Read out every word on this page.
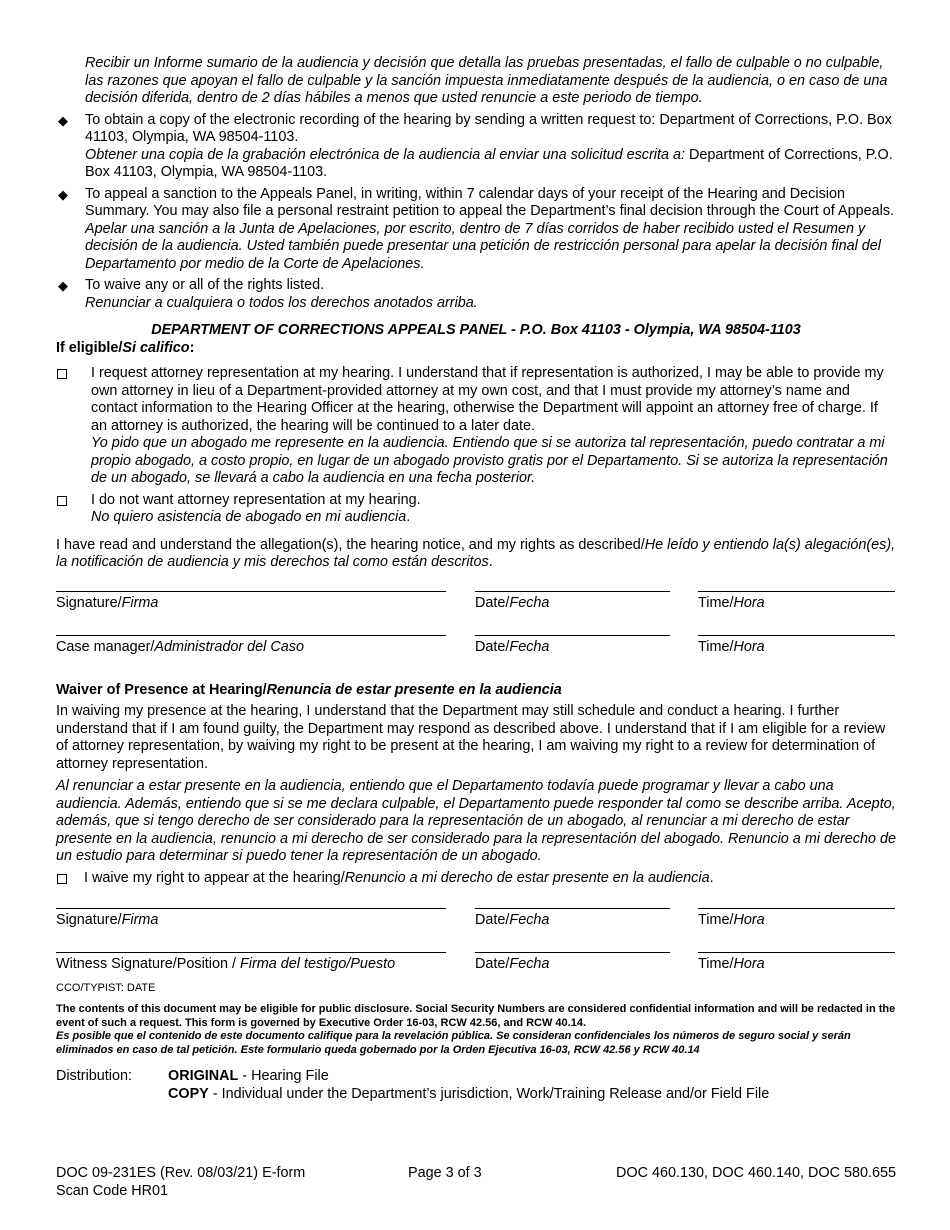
Recibir un Informe sumario de la audiencia y decisión que detalla las pruebas presentadas, el fallo de culpable o no culpable, las razones que apoyan el fallo de culpable y la sanción impuesta inmediatamente después de la audiencia, o en caso de una decisión diferida, dentro de 2 días hábiles a menos que usted renuncie a este periodo de tiempo.
◆ To obtain a copy of the electronic recording of the hearing by sending a written request to: Department of Corrections, P.O. Box 41103, Olympia, WA 98504-1103.
Obtener una copia de la grabación electrónica de la audiencia al enviar una solicitud escrita a: Department of Corrections, P.O. Box 41103, Olympia, WA 98504-1103.
◆ To appeal a sanction to the Appeals Panel, in writing, within 7 calendar days of your receipt of the Hearing and Decision Summary. You may also file a personal restraint petition to appeal the Department’s final decision through the Court of Appeals.
Apelar una sanción a la Junta de Apelaciones, por escrito, dentro de 7 días corridos de haber recibido usted el Resumen y decisión de la audiencia. Usted también puede presentar una petición de restricción personal para apelar la decisión final del Departamento por medio de la Corte de Apelaciones.
◆ To waive any or all of the rights listed.
Renunciar a cualquiera o todos los derechos anotados arriba.
DEPARTMENT OF CORRECTIONS APPEALS PANEL - P.O. Box 41103 - Olympia, WA 98504-1103
If eligible/Si califico:
I request attorney representation at my hearing. I understand that if representation is authorized, I may be able to provide my own attorney in lieu of a Department-provided attorney at my own cost, and that I must provide my attorney’s name and contact information to the Hearing Officer at the hearing, otherwise the Department will appoint an attorney free of charge. If an attorney is authorized, the hearing will be continued to a later date.
Yo pido que un abogado me represente en la audiencia. Entiendo que si se autoriza tal representación, puedo contratar a mi propio abogado, a costo propio, en lugar de un abogado provisto gratis por el Departamento. Si se autoriza la representación de un abogado, se llevará a cabo la audiencia en una fecha posterior.
I do not want attorney representation at my hearing.
No quiero asistencia de abogado en mi audiencia.
I have read and understand the allegation(s), the hearing notice, and my rights as described/He leído y entiendo la(s) alegación(es), la notificación de audiencia y mis derechos tal como están descritos.
Signature/Firma	Date/Fecha	Time/Hora
Case manager/Administrador del Caso	Date/Fecha	Time/Hora
Waiver of Presence at Hearing/Renuncia de estar presente en la audiencia
In waiving my presence at the hearing, I understand that the Department may still schedule and conduct a hearing. I further understand that if I am found guilty, the Department may respond as described above. I understand that if I am eligible for a review of attorney representation, by waiving my right to be present at the hearing, I am waiving my right to a review for determination of attorney representation.
Al renunciar a estar presente en la audiencia, entiendo que el Departamento todavía puede programar y llevar a cabo una audiencia. Además, entiendo que si se me declara culpable, el Departamento puede responder tal como se describe arriba. Acepto, además, que si tengo derecho de ser considerado para la representación de un abogado, al renunciar a mi derecho de estar presente en la audiencia, renuncio a mi derecho de ser considerado para la representación del abogado. Renuncio a mi derecho de un estudio para determinar si puedo tener la representación de un abogado.
I waive my right to appear at the hearing/Renuncio a mi derecho de estar presente en la audiencia.
Signature/Firma	Date/Fecha	Time/Hora
Witness Signature/Position / Firma del testigo/Puesto	Date/Fecha	Time/Hora
CCO/TYPIST: DATE
The contents of this document may be eligible for public disclosure. Social Security Numbers are considered confidential information and will be redacted in the event of such a request. This form is governed by Executive Order 16-03, RCW 42.56, and RCW 40.14.
Es posible que el contenido de este documento califique para la revelación pública. Se consideran confidenciales los números de seguro social y serán eliminados en caso de tal petición. Este formulario queda gobernado por la Orden Ejecutiva 16-03, RCW 42.56 y RCW 40.14
Distribution:	ORIGINAL - Hearing File
COPY - Individual under the Department’s jurisdiction, Work/Training Release and/or Field File
DOC 09-231ES (Rev. 08/03/21) E-form
Scan Code HR01
Page 3 of 3	DOC 460.130, DOC 460.140, DOC 580.655
